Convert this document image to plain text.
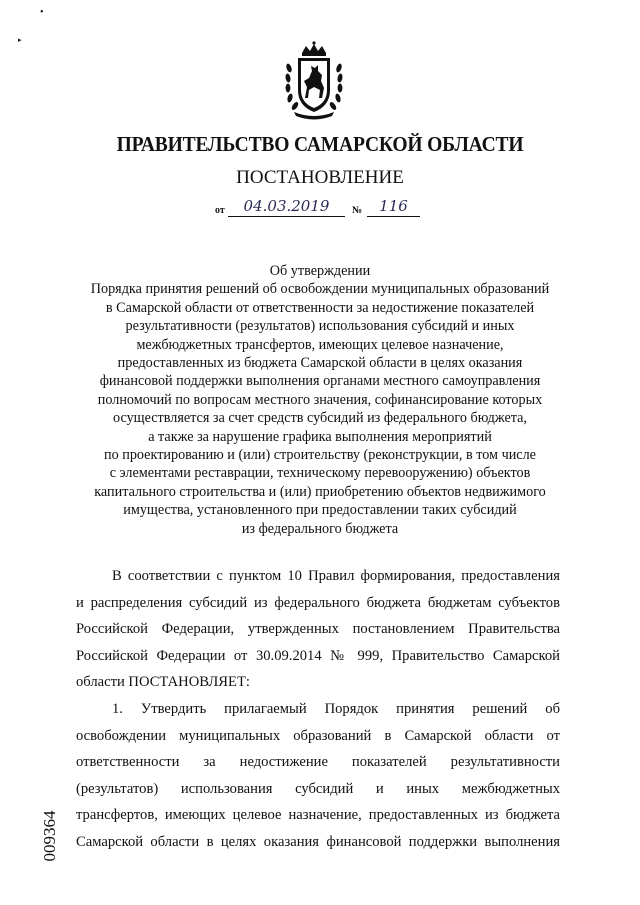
•
▸
ПРАВИТЕЛЬСТВО САМАРСКОЙ ОБЛАСТИ
ПОСТАНОВЛЕНИЕ
от	04.03.2019	№	116
Об утверждении
Порядка принятия решений об освобождении муниципальных образований
в Самарской области от ответственности за недостижение показателей
результативности (результатов) использования субсидий и иных
межбюджетных трансфертов, имеющих целевое назначение,
предоставленных из бюджета Самарской области в целях оказания
финансовой поддержки выполнения органами местного самоуправления
полномочий по вопросам местного значения, софинансирование которых
осуществляется за счет средств субсидий из федерального бюджета,
а также за нарушение графика выполнения мероприятий
по проектированию и (или) строительству (реконструкции, в том числе
с элементами реставрации, техническому перевооружению) объектов
капитального строительства и (или) приобретению объектов недвижимого
имущества, установленного при предоставлении таких субсидий
из федерального бюджета
В соответствии с пунктом 10 Правил формирования, предоставления
и распределения субсидий из федерального бюджета бюджетам субъектов
Российской Федерации, утвержденных постановлением Правительства
Российской Федерации от 30.09.2014 № 999, Правительство Самарской
области ПОСТАНОВЛЯЕТ:
1. Утвердить прилагаемый Порядок принятия решений об
освобождении муниципальных образований в Самарской области от
ответственности за недостижение показателей результативности
(результатов) использования субсидий и иных межбюджетных
трансфертов, имеющих целевое назначение, предоставленных из бюджета
Самарской области в целях оказания финансовой поддержки выполнения
009364
